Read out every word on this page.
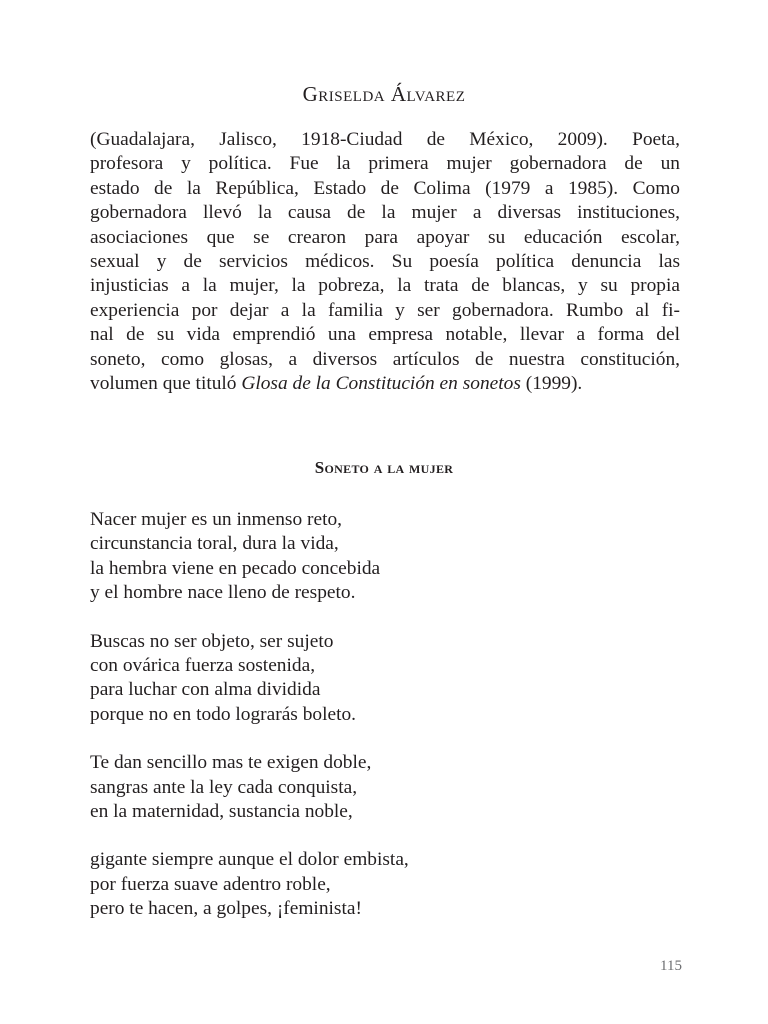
Griselda Álvarez
(Guadalajara, Jalisco, 1918-Ciudad de México, 2009). Poeta,
profesora y política. Fue la primera mujer gobernadora de un
estado de la República, Estado de Colima (1979 a 1985). Como
gobernadora llevó la causa de la mujer a diversas instituciones,
asociaciones que se crearon para apoyar su educación escolar,
sexual y de servicios médicos. Su poesía política denuncia las
injusticias a la mujer, la pobreza, la trata de blancas, y su propia
experiencia por dejar a la familia y ser gobernadora. Rumbo al fi-
nal de su vida emprendió una empresa notable, llevar a forma del
soneto, como glosas, a diversos artículos de nuestra constitución,
volumen que tituló Glosa de la Constitución en sonetos (1999).
Soneto a la mujer
Nacer mujer es un inmenso reto,
circunstancia toral, dura la vida,
la hembra viene en pecado concebida
y el hombre nace lleno de respeto.
Buscas no ser objeto, ser sujeto
con ovárica fuerza sostenida,
para luchar con alma dividida
porque no en todo lograrás boleto.
Te dan sencillo mas te exigen doble,
sangras ante la ley cada conquista,
en la maternidad, sustancia noble,
gigante siempre aunque el dolor embista,
por fuerza suave adentro roble,
pero te hacen, a golpes, ¡feminista!
115
